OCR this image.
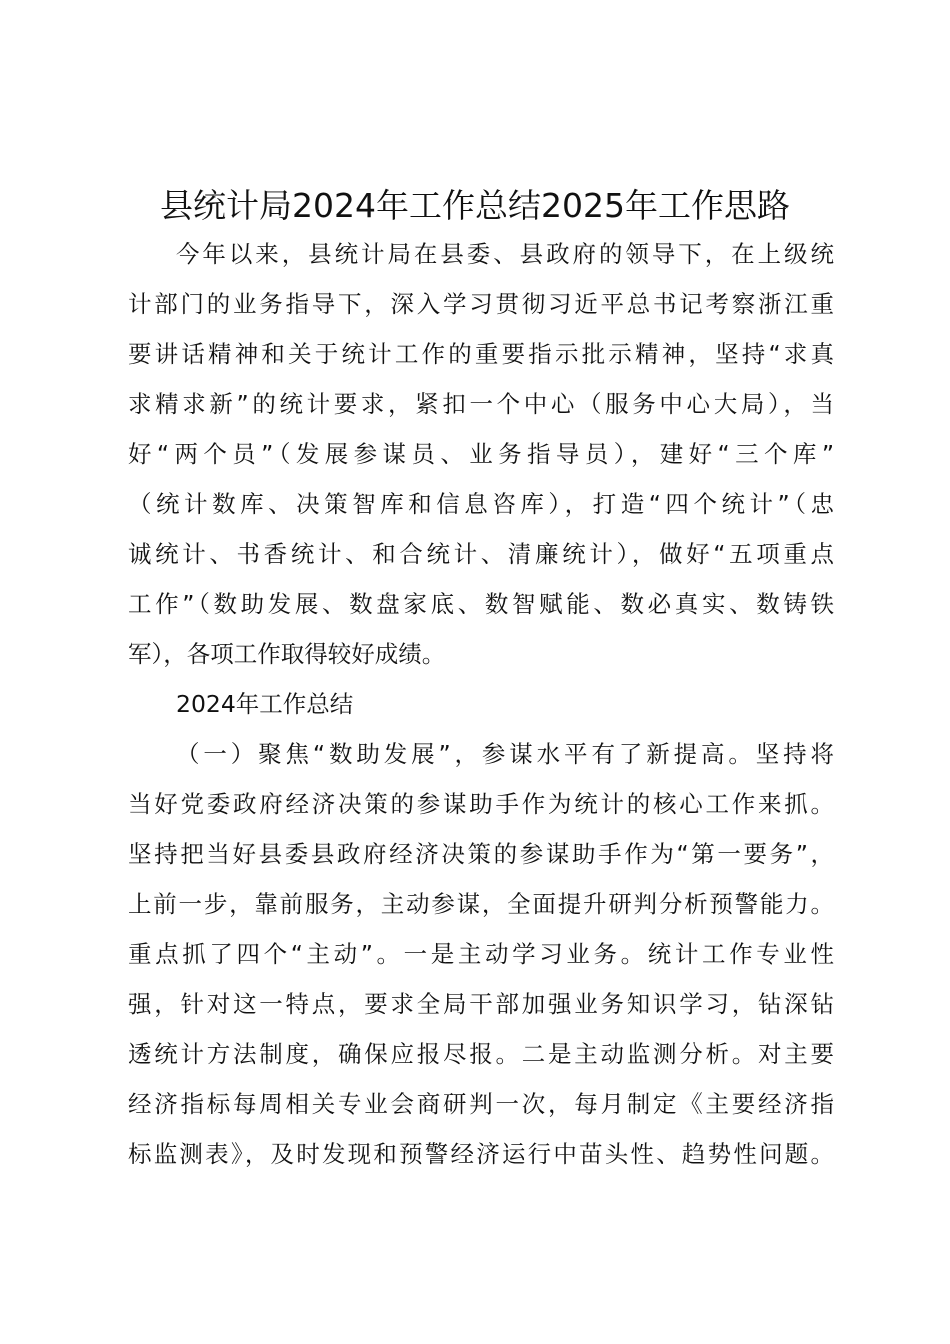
县统计局2024年工作总结2025年工作思路
今年以来，县统计局在县委、县政府的领导下，在上级统
计部门的业务指导下，深入学习贯彻习近平总书记考察浙江重
要讲话精神和关于统计工作的重要指示批示精神，坚持“求真
求精求新”的统计要求，紧扣一个中心（服务中心大局），当
好“两个员”（发展参谋员、业务指导员），建好“三个库”
（统计数库、决策智库和信息咨库），打造“四个统计”（忠
诚统计、书香统计、和合统计、清廉统计），做好“五项重点
工作”（数助发展、数盘家底、数智赋能、数必真实、数铸铁
军），各项工作取得较好成绩。
2024年工作总结
（一）聚焦“数助发展”，参谋水平有了新提高。坚持将
当好党委政府经济决策的参谋助手作为统计的核心工作来抓。
坚持把当好县委县政府经济决策的参谋助手作为“第一要务”，
上前一步，靠前服务，主动参谋，全面提升研判分析预警能力。
重点抓了四个“主动”。一是主动学习业务。统计工作专业性
强，针对这一特点，要求全局干部加强业务知识学习，钻深钻
透统计方法制度，确保应报尽报。二是主动监测分析。对主要
经济指标每周相关专业会商研判一次，每月制定《主要经济指
标监测表》，及时发现和预警经济运行中苗头性、趋势性问题。
